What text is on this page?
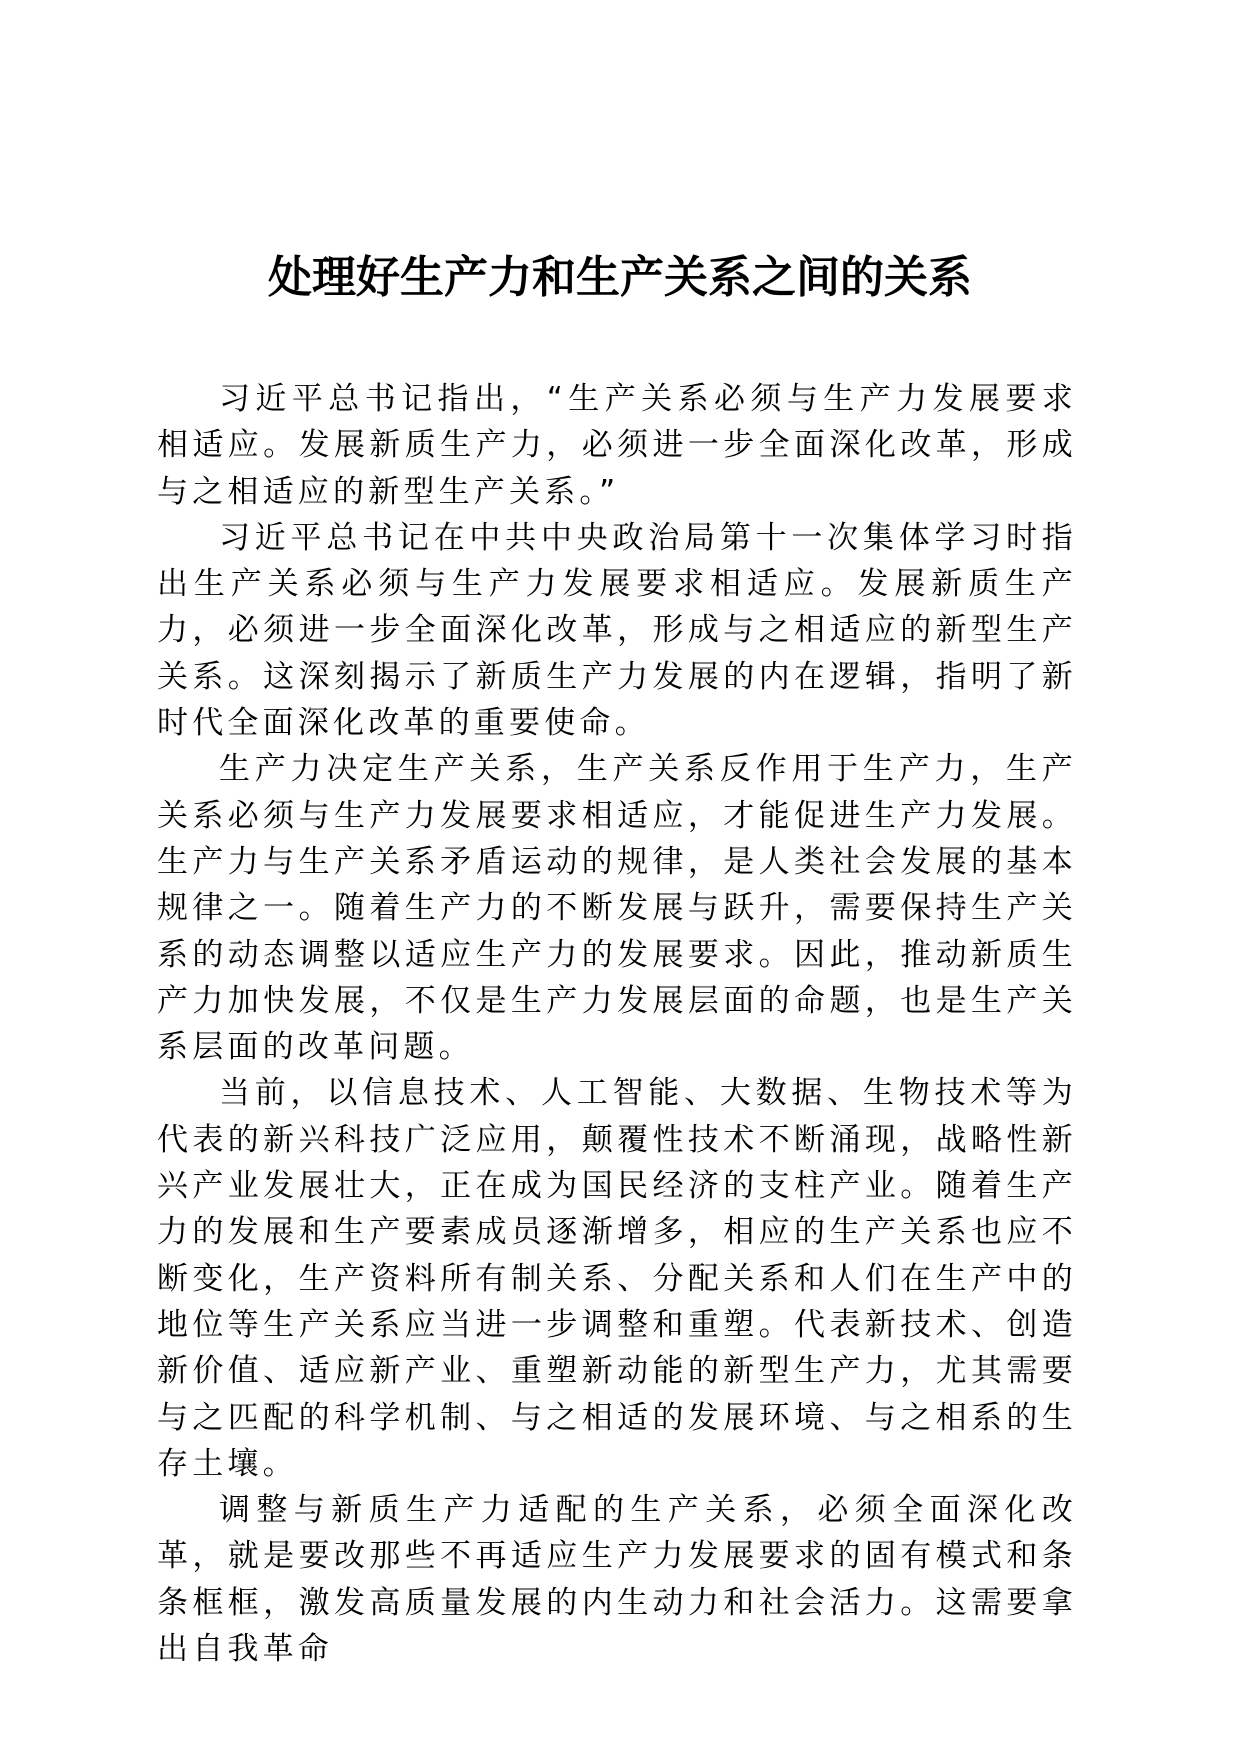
处理好生产力和生产关系之间的关系

习近平总书记指出，“生产关系必须与生产力发展要求相适应。发展新质生产力，必须进一步全面深化改革，形成与之相适应的新型生产关系。”

习近平总书记在中共中央政治局第十一次集体学习时指出生产关系必须与生产力发展要求相适应。发展新质生产力，必须进一步全面深化改革，形成与之相适应的新型生产关系。这深刻揭示了新质生产力发展的内在逻辑，指明了新时代全面深化改革的重要使命。

生产力决定生产关系，生产关系反作用于生产力，生产关系必须与生产力发展要求相适应，才能促进生产力发展。生产力与生产关系矛盾运动的规律，是人类社会发展的基本规律之一。随着生产力的不断发展与跃升，需要保持生产关系的动态调整以适应生产力的发展要求。因此，推动新质生产力加快发展，不仅是生产力发展层面的命题，也是生产关系层面的改革问题。

当前，以信息技术、人工智能、大数据、生物技术等为代表的新兴科技广泛应用，颠覆性技术不断涌现，战略性新兴产业发展壮大，正在成为国民经济的支柱产业。随着生产力的发展和生产要素成员逐渐增多，相应的生产关系也应不断变化，生产资料所有制关系、分配关系和人们在生产中的地位等生产关系应当进一步调整和重塑。代表新技术、创造新价值、适应新产业、重塑新动能的新型生产力，尤其需要与之匹配的科学机制、与之相适的发展环境、与之相系的生存土壤。

调整与新质生产力适配的生产关系，必须全面深化改革，就是要改那些不再适应生产力发展要求的固有模式和条条框框，激发高质量发展的内生动力和社会活力。这需要拿出自我革命
